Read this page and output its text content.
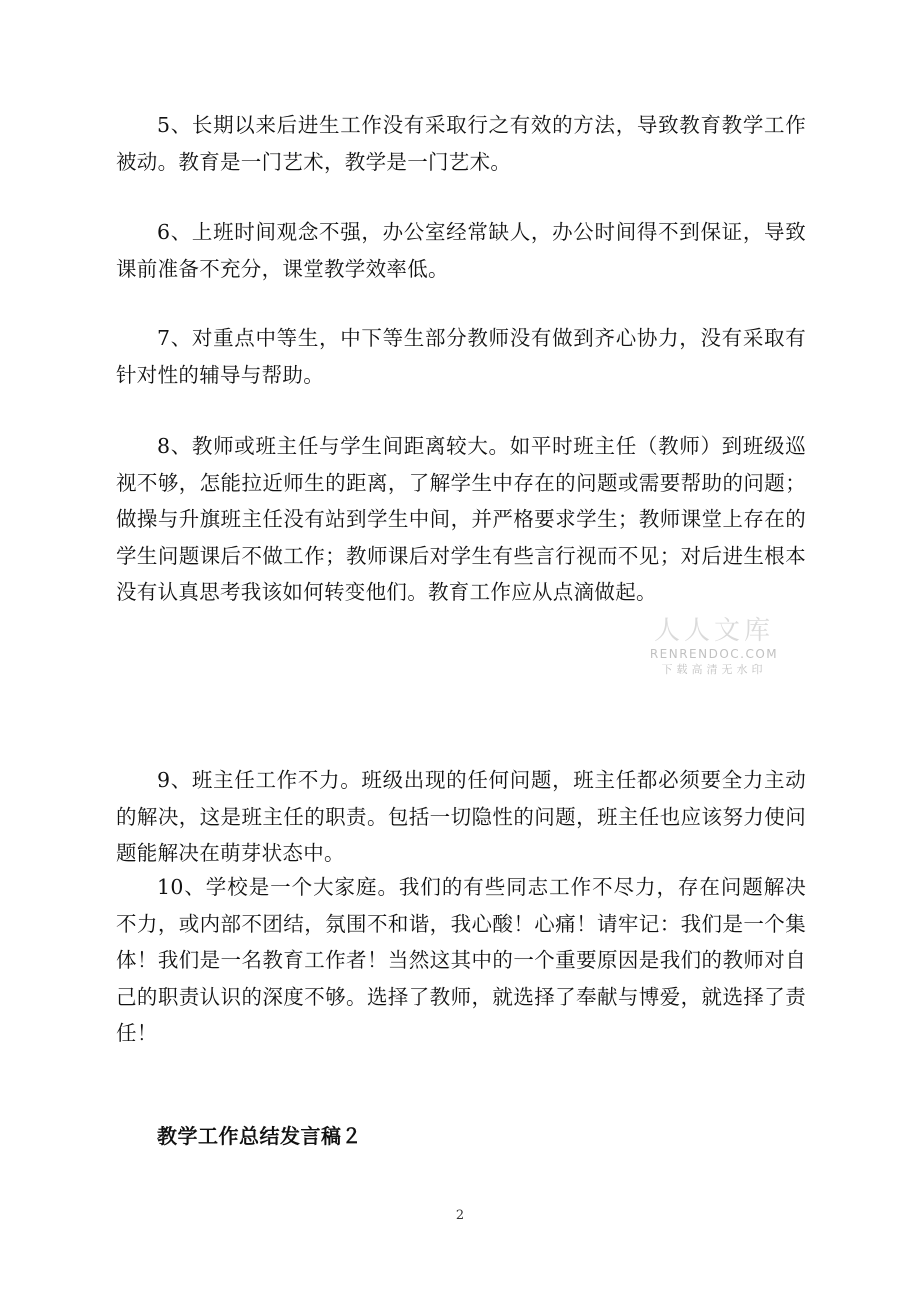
5、长期以来后进生工作没有采取行之有效的方法，导致教育教学工作被动。教育是一门艺术，教学是一门艺术。

6、上班时间观念不强，办公室经常缺人，办公时间得不到保证，导致课前准备不充分，课堂教学效率低。

7、对重点中等生，中下等生部分教师没有做到齐心协力，没有采取有针对性的辅导与帮助。

8、教师或班主任与学生间距离较大。如平时班主任（教师）到班级巡视不够，怎能拉近师生的距离，了解学生中存在的问题或需要帮助的问题；做操与升旗班主任没有站到学生中间，并严格要求学生；教师课堂上存在的学生问题课后不做工作；教师课后对学生有些言行视而不见；对后进生根本没有认真思考我该如何转变他们。教育工作应从点滴做起。

人人文库
RENRENDOC.COM
下载高清无水印

9、班主任工作不力。班级出现的任何问题，班主任都必须要全力主动的解决，这是班主任的职责。包括一切隐性的问题，班主任也应该努力使问题能解决在萌芽状态中。

10、学校是一个大家庭。我们的有些同志工作不尽力，存在问题解决不力，或内部不团结，氛围不和谐，我心酸！心痛！请牢记：我们是一个集体！我们是一名教育工作者！当然这其中的一个重要原因是我们的教师对自己的职责认识的深度不够。选择了教师，就选择了奉献与博爱，就选择了责任！

教学工作总结发言稿２
2
